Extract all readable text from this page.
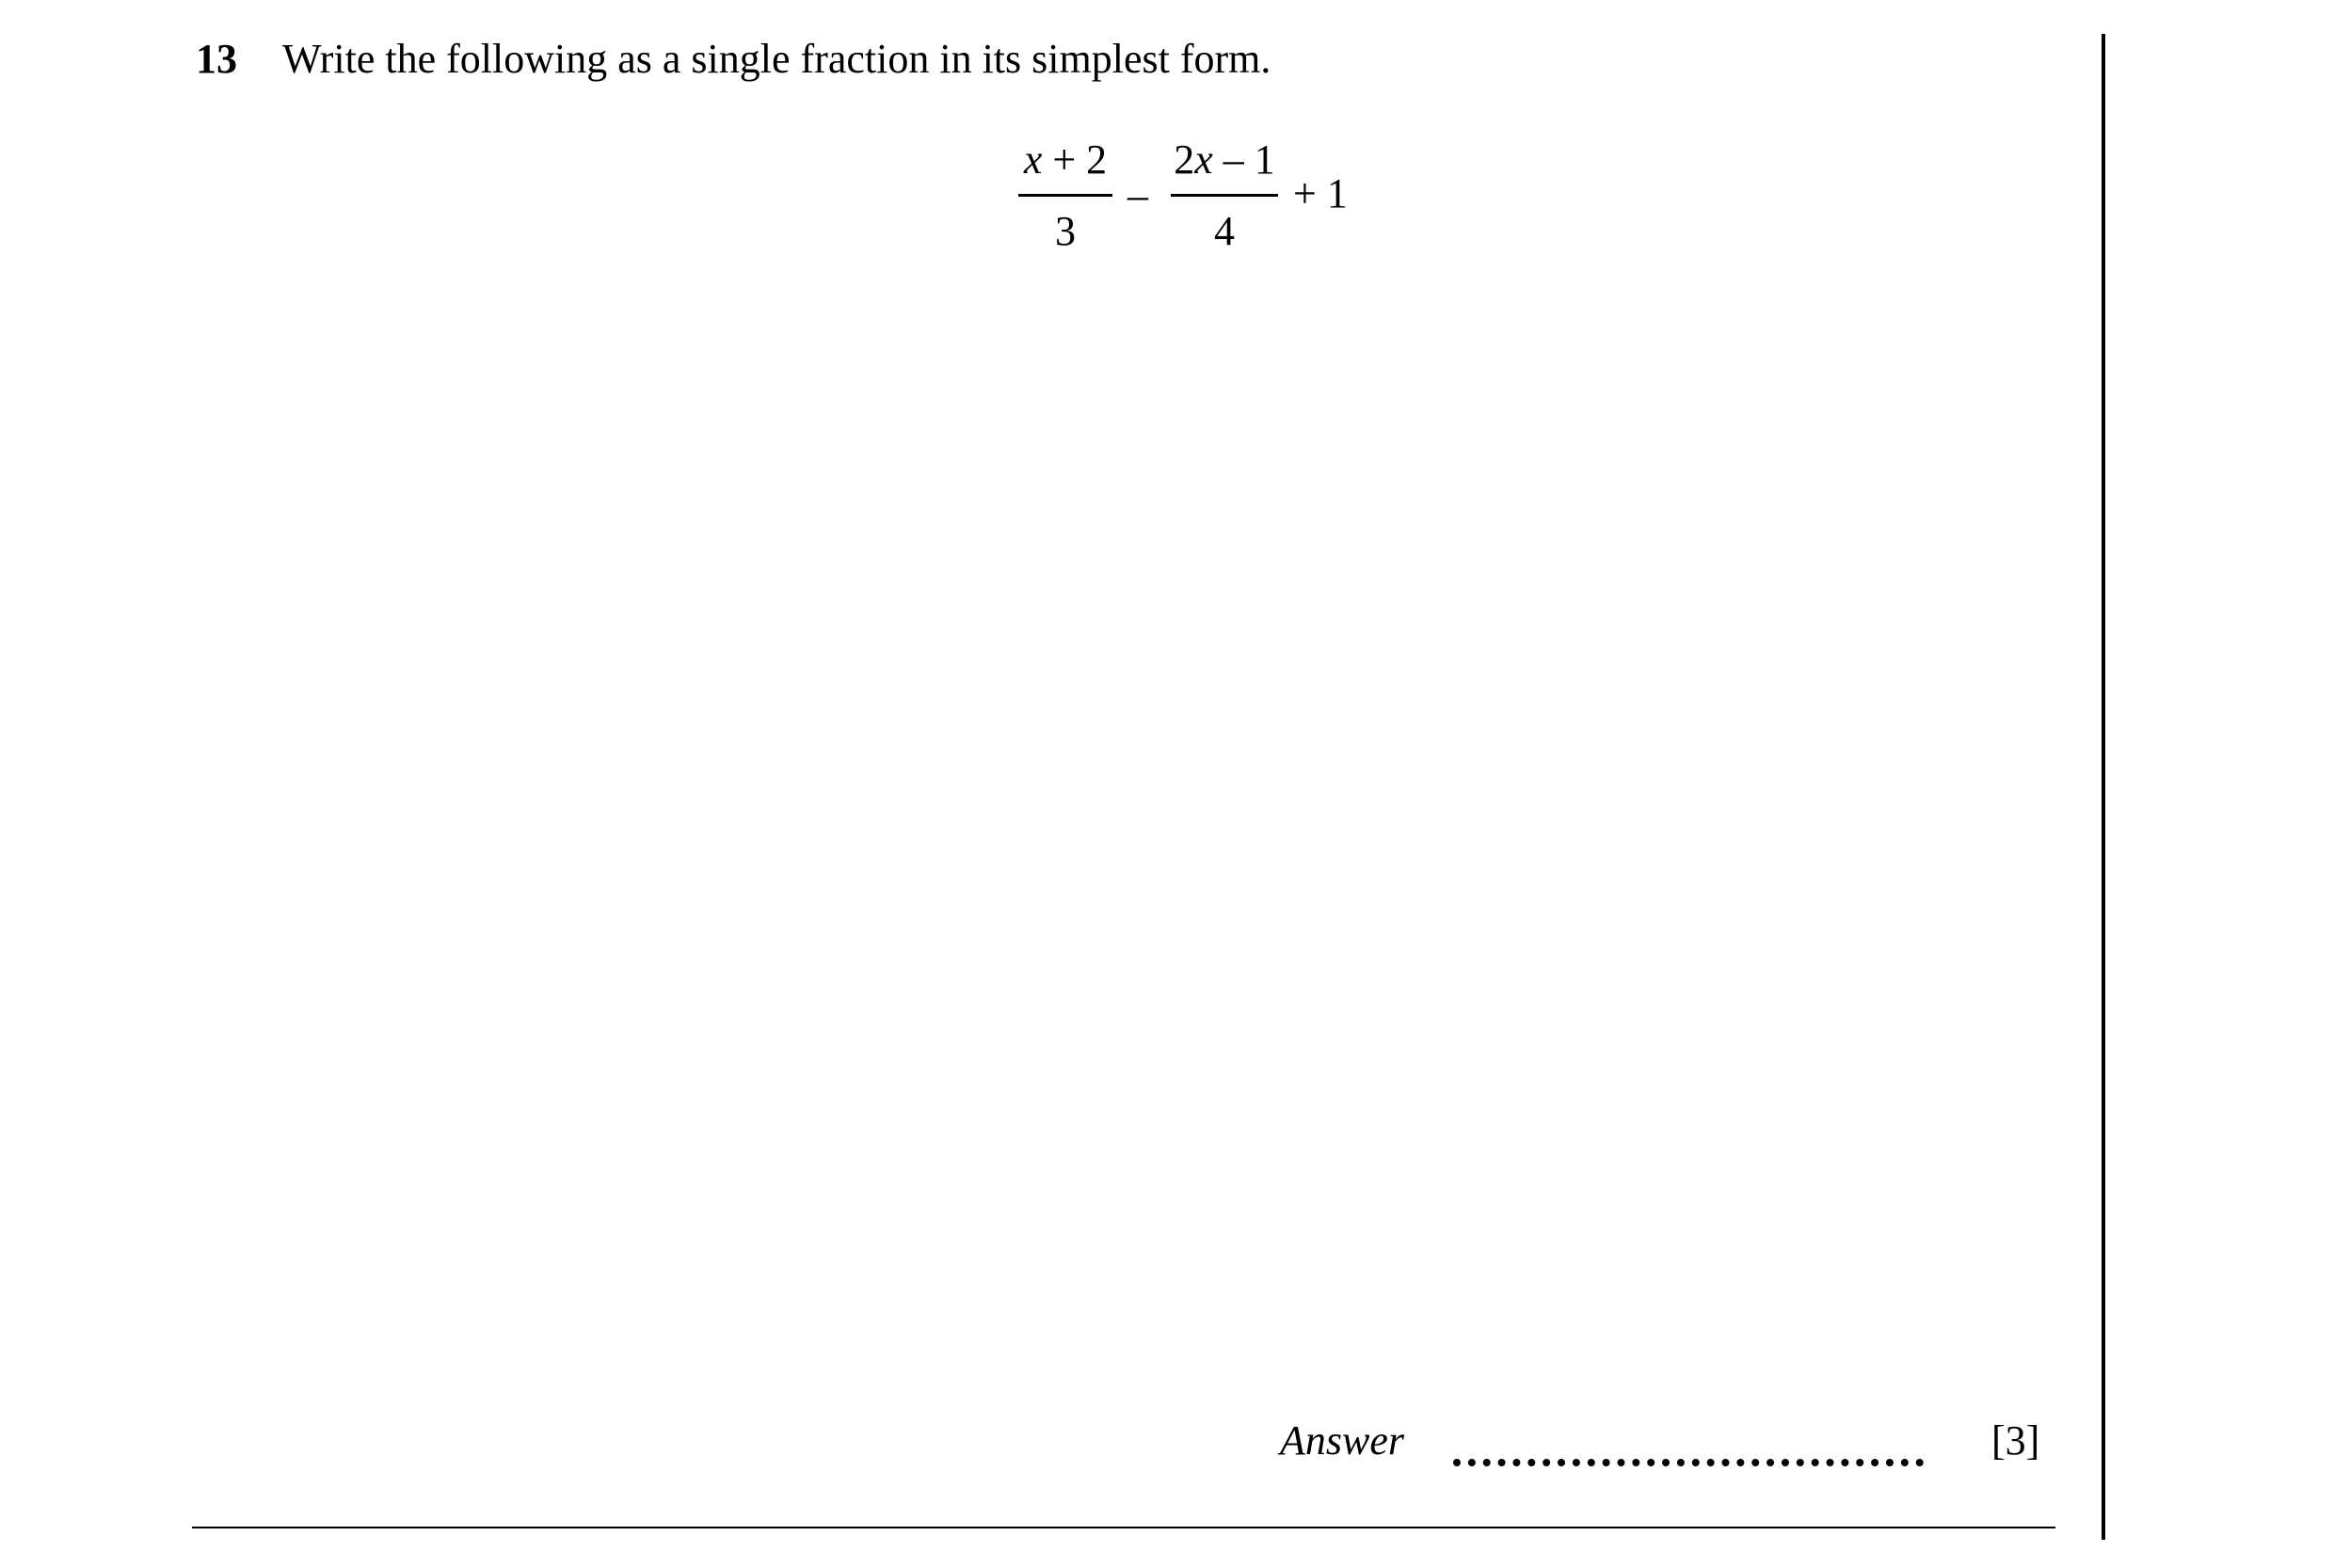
13 Write the following as a single fraction in its simplest form.
x + 2
3
–
2x – 1
4
+ 1
Answer	[3]
